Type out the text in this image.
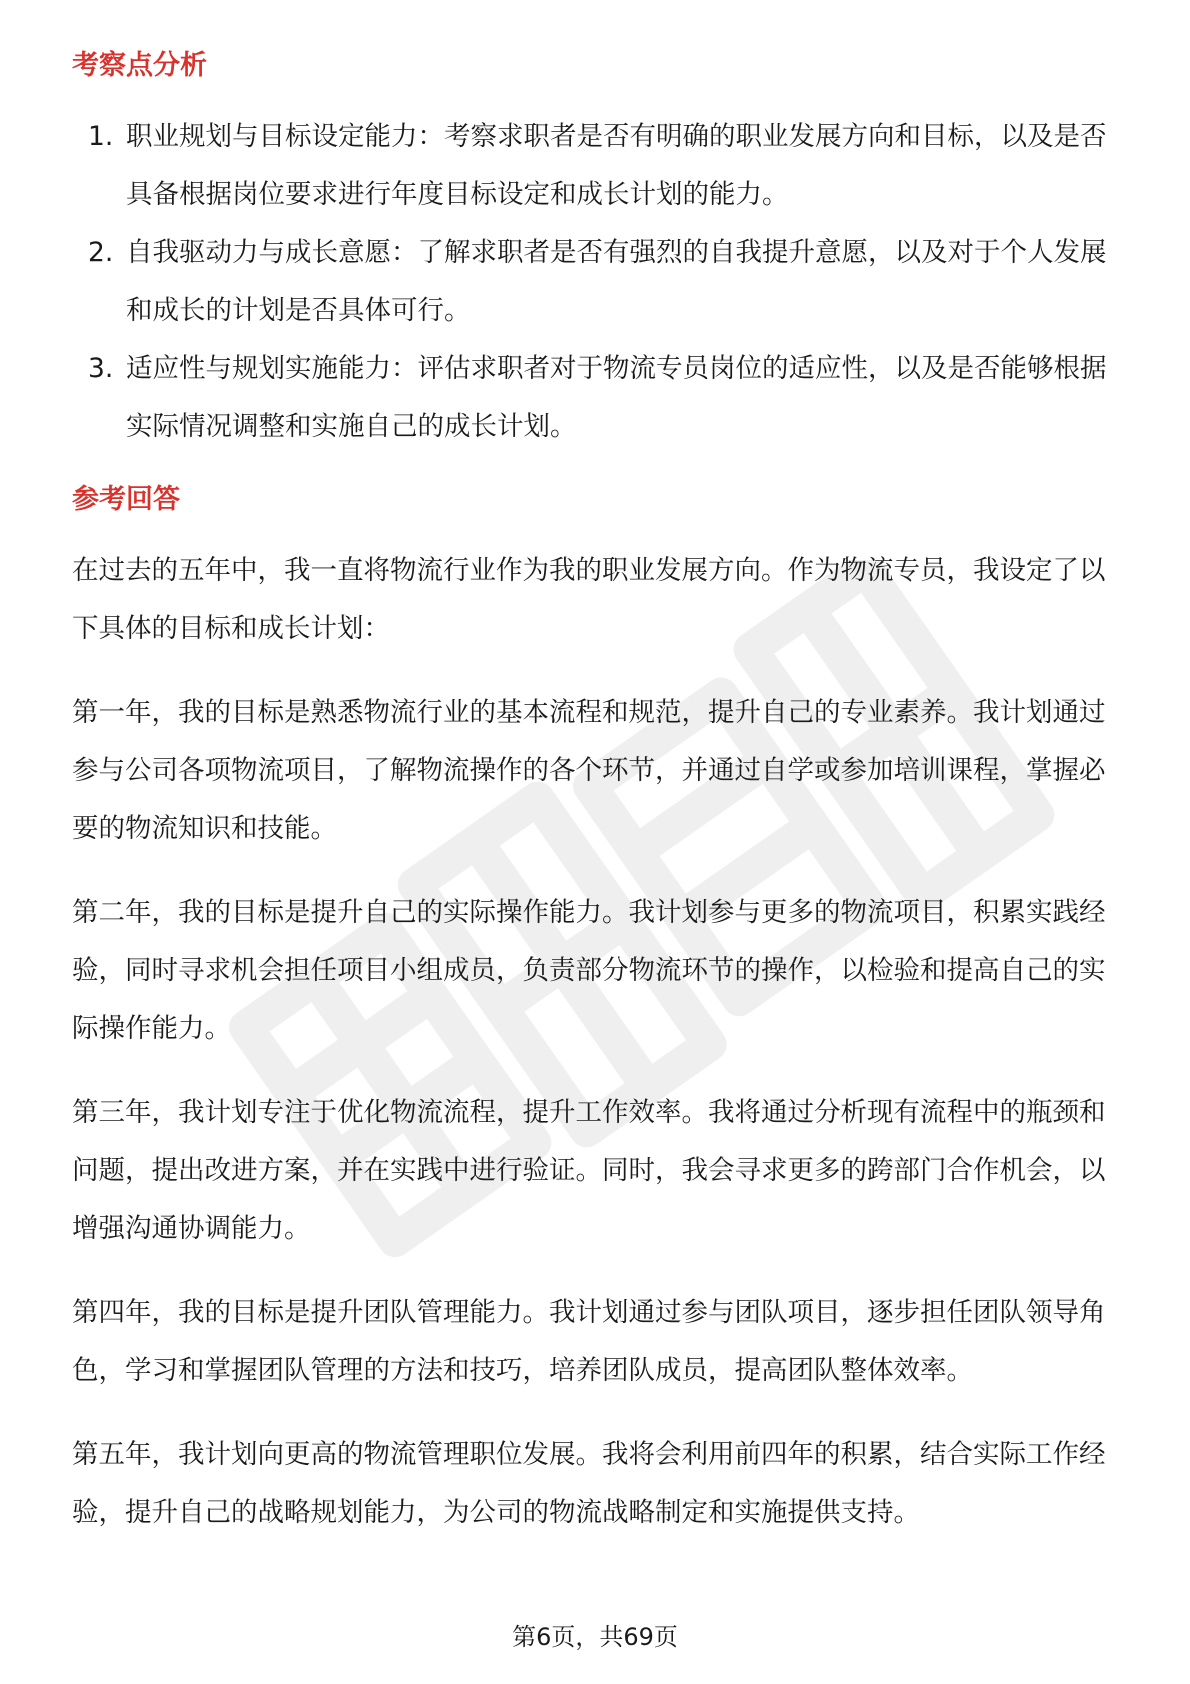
考察点分析
1. 职业规划与目标设定能力：考察求职者是否有明确的职业发展方向和目标，以及是否具备根据岗位要求进行年度目标设定和成长计划的能力。
2. 自我驱动力与成长意愿：了解求职者是否有强烈的自我提升意愿，以及对于个人发展和成长的计划是否具体可行。
3. 适应性与规划实施能力：评估求职者对于物流专员岗位的适应性，以及是否能够根据实际情况调整和实施自己的成长计划。
参考回答

在过去的五年中，我一直将物流行业作为我的职业发展方向。作为物流专员，我设定了以下具体的目标和成长计划：

第一年，我的目标是熟悉物流行业的基本流程和规范，提升自己的专业素养。我计划通过参与公司各项物流项目，了解物流操作的各个环节，并通过自学或参加培训课程，掌握必要的物流知识和技能。

第二年，我的目标是提升自己的实际操作能力。我计划参与更多的物流项目，积累实践经验，同时寻求机会担任项目小组成员，负责部分物流环节的操作，以检验和提高自己的实际操作能力。

第三年，我计划专注于优化物流流程，提升工作效率。我将通过分析现有流程中的瓶颈和问题，提出改进方案，并在实践中进行验证。同时，我会寻求更多的跨部门合作机会，以增强沟通协调能力。

第四年，我的目标是提升团队管理能力。我计划通过参与团队项目，逐步担任团队领导角色，学习和掌握团队管理的方法和技巧，培养团队成员，提高团队整体效率。

第五年，我计划向更高的物流管理职位发展。我将会利用前四年的积累，结合实际工作经验，提升自己的战略规划能力，为公司的物流战略制定和实施提供支持。

第6页，共69页
